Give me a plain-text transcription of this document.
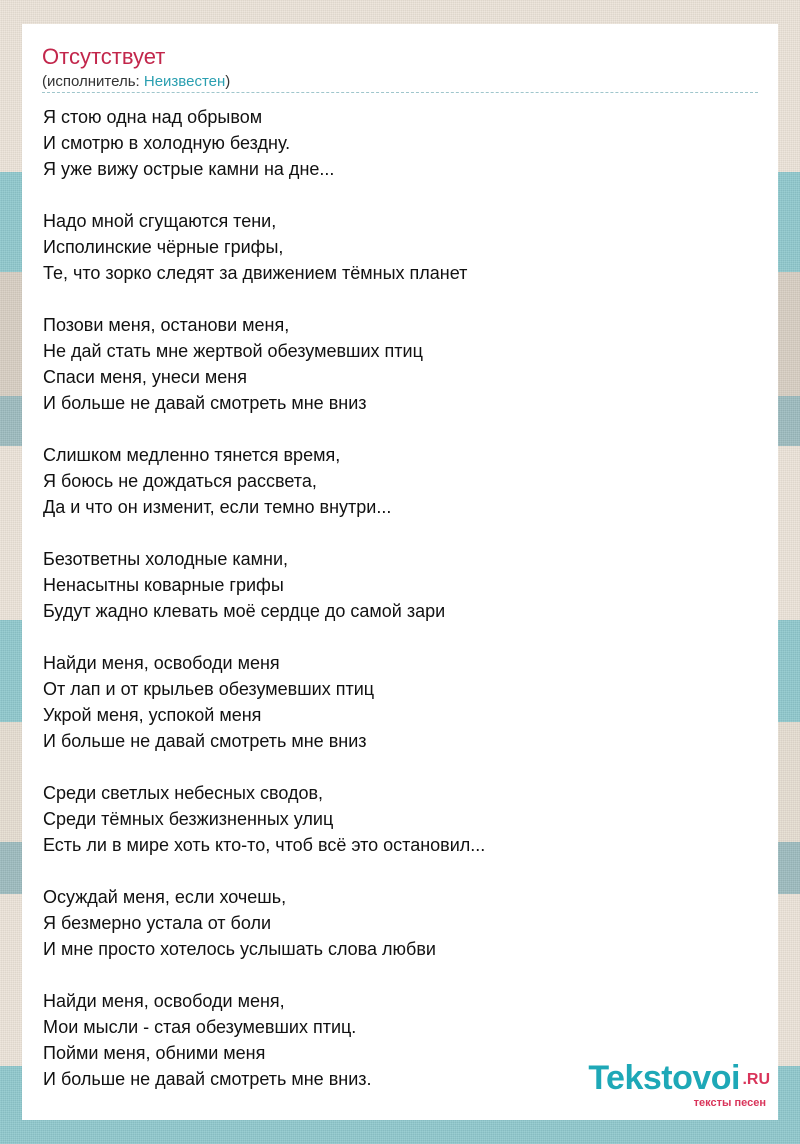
Отсутствует
(исполнитель: Неизвестен)
Я стою одна над обрывом
И смотрю в холодную бездну.
Я уже вижу острые камни на дне...
Надо мной сгущаются тени,
Исполинские чёрные грифы,
Те, что зорко следят за движением тёмных планет
Позови меня, останови меня,
Не дай стать мне жертвой обезумевших птиц
Спаси меня, унеси меня
И больше не давай смотреть мне вниз
Слишком медленно тянется время,
Я боюсь не дождаться рассвета,
Да и что он изменит, если темно внутри...
Безответны холодные камни,
Ненасытны коварные грифы
Будут жадно клевать моё сердце до самой зари
Найди меня, освободи меня
От лап и от крыльев обезумевших птиц
Укрой меня, успокой меня
И больше не давай смотреть мне вниз
Среди светлых небесных сводов,
Среди тёмных безжизненных улиц
Есть ли в мире хоть кто-то, чтоб всё это остановил...
Осуждай меня, если хочешь,
Я безмерно устала от боли
И мне просто хотелось услышать слова любви
Найди меня, освободи меня,
Мои мысли - стая обезумевших птиц.
Пойми меня, обними меня
И больше не давай смотреть мне вниз.	Tekstovoi .RU
тексты песен
